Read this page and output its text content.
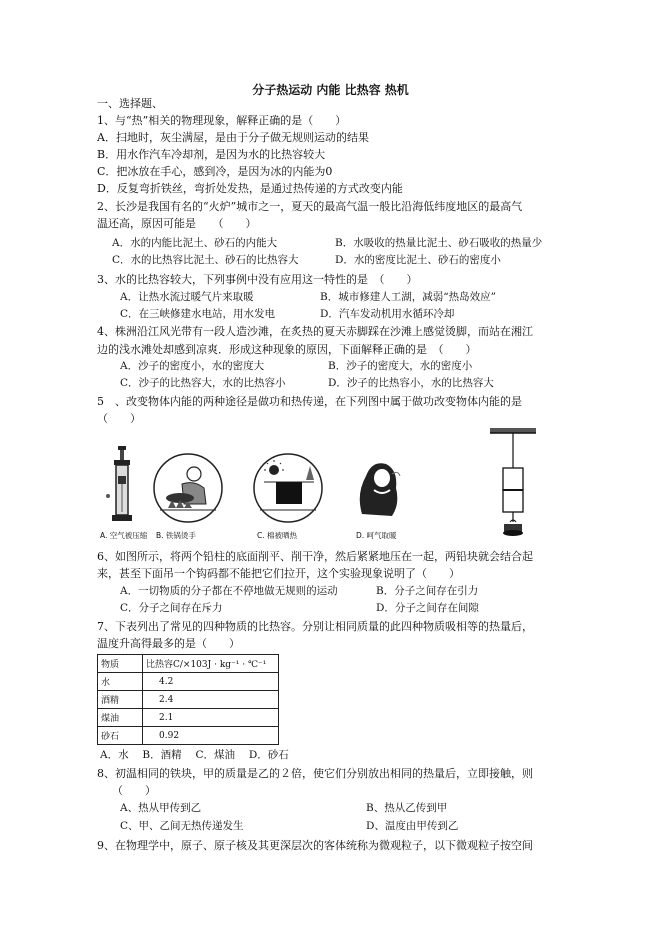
分子热运动 内能 比热容 热机
一、选择题、
1、与“热”相关的物理现象，解释正确的是（　　）
A．扫地时，灰尘满屋，是由于分子做无规则运动的结果
B．用水作汽车冷却剂，是因为水的比热容较大
C．把冰放在手心，感到冷，是因为冰的内能为0
D．反复弯折铁丝，弯折处发热，是通过热传递的方式改变内能
2、长沙是我国有名的“火炉”城市之一，夏天的最高气温一般比沿海低纬度地区的最高气
温还高，原因可能是　　（　　）
A．水的内能比泥土、砂石的内能大	B．水吸收的热量比泥土、砂石吸收的热量少
C．水的比热容比泥土、砂石的比热容大	D．水的密度比泥土、砂石的密度小
3、水的比热容较大，下列事例中没有应用这一特性的是　（　　）
A．让热水流过暖气片来取暖	B．城市修建人工湖，减弱“热岛效应”
C．在三峡修建水电站，用水发电	D．汽车发动机用水循环冷却
4、株洲沿江风光带有一段人造沙滩，在炙热的夏天赤脚踩在沙滩上感觉烫脚，而站在湘江
边的浅水滩处却感到凉爽．形成这种现象的原因，下面解释正确的是　（　　）
A．沙子的密度小，水的密度大	B．沙子的密度大，水的密度小
C．沙子的比热容大，水的比热容小	D．沙子的比热容小，水的比热容大
5　、改变物体内能的两种途径是做功和热传递，在下列图中属于做功改变物体内能的是
（　　）
A. 空气被压缩 B. 铁锅烫手	C. 棉被晒热	D. 呵气取暖
6、如图所示，将两个铅柱的底面削平、削干净，然后紧紧地压在一起，两铅块就会结合起
来，甚至下面吊一个钩码都不能把它们拉开，这个实验现象说明了（　　）
A．一切物质的分子都在不停地做无规则的运动	B．分子之间存在引力
C．分子之间存在斥力	D．分子之间存在间隙
7、下表列出了常见的四种物质的比热容。分别让相同质量的此四种物质吸相等的热量后，
温度升高得最多的是（　　）
物质	比热容C/×103J · kg⁻¹ · ℃⁻¹
水	4.2
酒精	2.4
煤油	2.1
砂石	0.92
A．水　 B．酒精　 C．煤油　 D．砂石
8、初温相同的铁块，甲的质量是乙的２倍，使它们分别放出相同的热量后，立即接触，则
（　　）
A、热从甲传到乙	B、热从乙传到甲
C、甲、乙间无热传递发生	D、温度由甲传到乙
9、在物理学中，原子、原子核及其更深层次的客体统称为微观粒子，以下微观粒子按空间
